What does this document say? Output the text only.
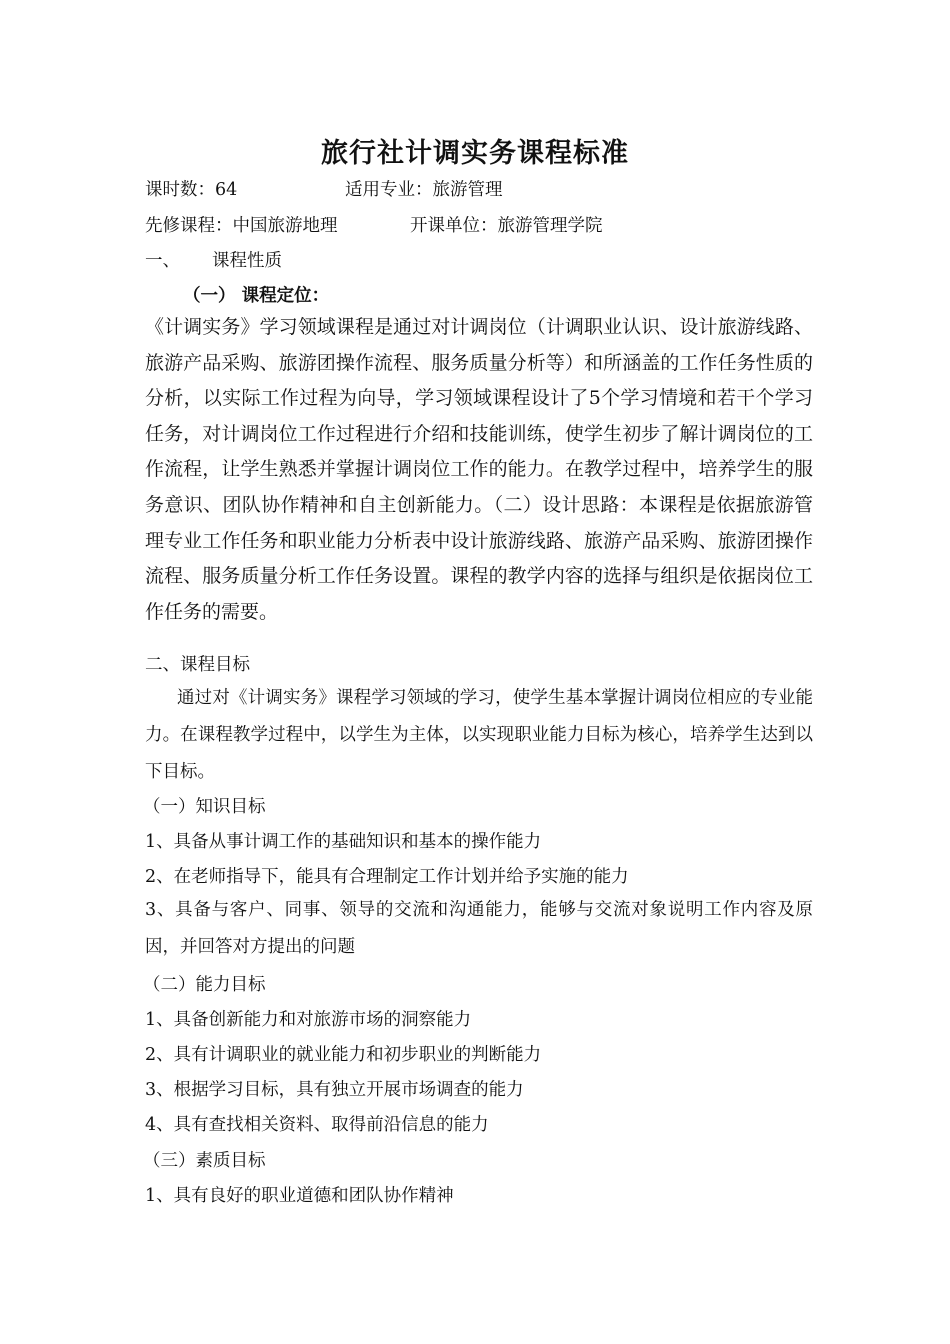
旅行社计调实务课程标准
课时数：64	适用专业：旅游管理
先修课程：中国旅游地理	开课单位：旅游管理学院
一、 课程性质
（一） 课程定位：
《计调实务》学习领域课程是通过对计调岗位（计调职业认识、设计旅游线路、旅游产品采购、旅游团操作流程、服务质量分析等）和所涵盖的工作任务性质的分析，以实际工作过程为向导，学习领域课程设计了5个学习情境和若干个学习任务，对计调岗位工作过程进行介绍和技能训练，使学生初步了解计调岗位的工作流程，让学生熟悉并掌握计调岗位工作的能力。在教学过程中，培养学生的服务意识、团队协作精神和自主创新能力。（二）设计思路：本课程是依据旅游管理专业工作任务和职业能力分析表中设计旅游线路、旅游产品采购、旅游团操作流程、服务质量分析工作任务设置。课程的教学内容的选择与组织是依据岗位工作任务的需要。
二、课程目标
通过对《计调实务》课程学习领域的学习，使学生基本掌握计调岗位相应的专业能力。在课程教学过程中，以学生为主体，以实现职业能力目标为核心，培养学生达到以下目标。
（一）知识目标
1、具备从事计调工作的基础知识和基本的操作能力
2、在老师指导下，能具有合理制定工作计划并给予实施的能力
3、具备与客户、同事、领导的交流和沟通能力，能够与交流对象说明工作内容及原因，并回答对方提出的问题
（二）能力目标
1、具备创新能力和对旅游市场的洞察能力
2、具有计调职业的就业能力和初步职业的判断能力
3、根据学习目标，具有独立开展市场调查的能力
4、具有查找相关资料、取得前沿信息的能力
（三）素质目标
1、具有良好的职业道德和团队协作精神
